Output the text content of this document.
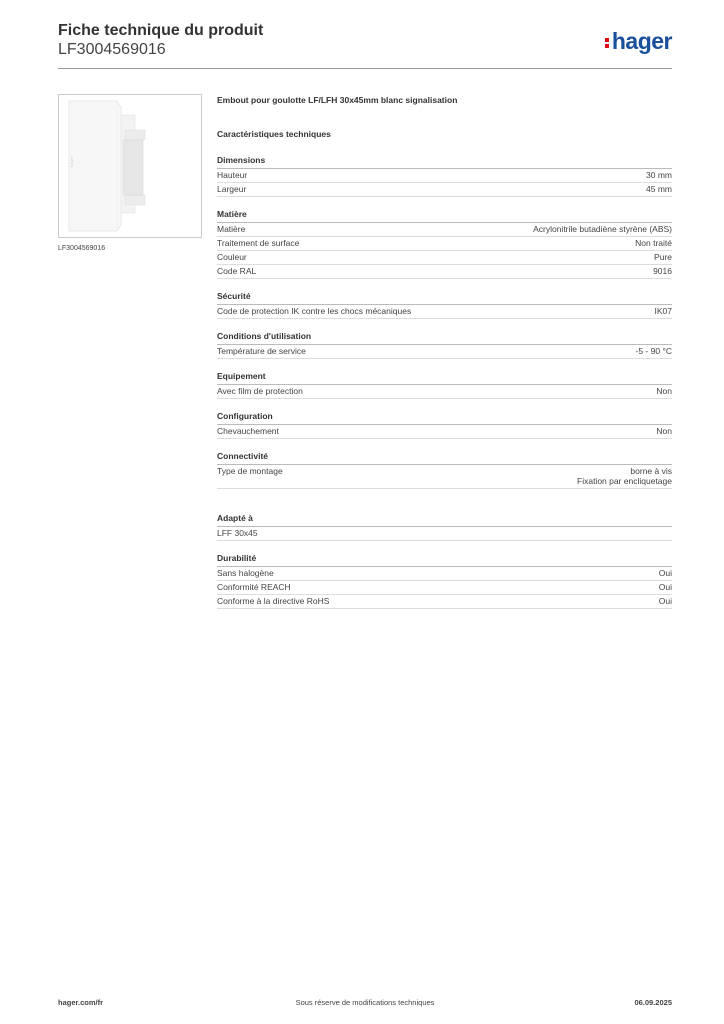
Fiche technique du produit
LF3004569016	hager
hager
LF3004569016
Embout pour goulotte LF/LFH 30x45mm blanc signalisation
Caractéristiques techniques
Dimensions
Hauteur	30 mm
Largeur	45 mm
Matière
Matière	Acrylonitrile butadiène styrène (ABS)
Traitement de surface	Non traité
Couleur	Pure
Code RAL	9016
Sécurité
Code de protection IK contre les chocs mécaniques	IK07
Conditions d'utilisation
Température de service	-5 - 90 °C
Equipement
Avec film de protection	Non
Configuration
Chevauchement	Non
Connectivité
Type de montage	borne à vis
Fixation par encliquetage
Adapté à
LFF 30x45
Durabilité
Sans halogène	Oui
Conformité REACH	Oui
Conforme à la directive RoHS	Oui
hager.com/fr	Sous réserve de modifications techniques	06.09.2025
